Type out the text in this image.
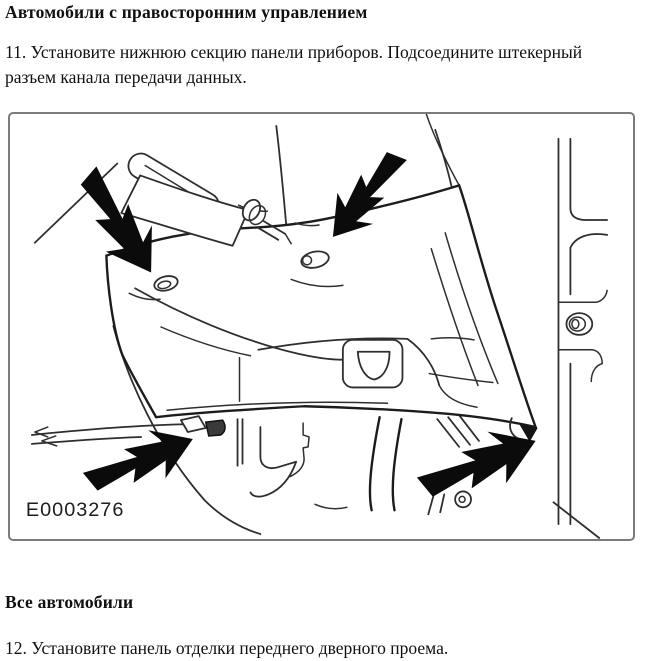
Автомобили с правосторонним управлением
11. Установите нижнюю секцию панели приборов. Подсоедините штекерный
разъем канала передачи данных.
E0003276
Все автомобили
12. Установите панель отделки переднего дверного проема.
